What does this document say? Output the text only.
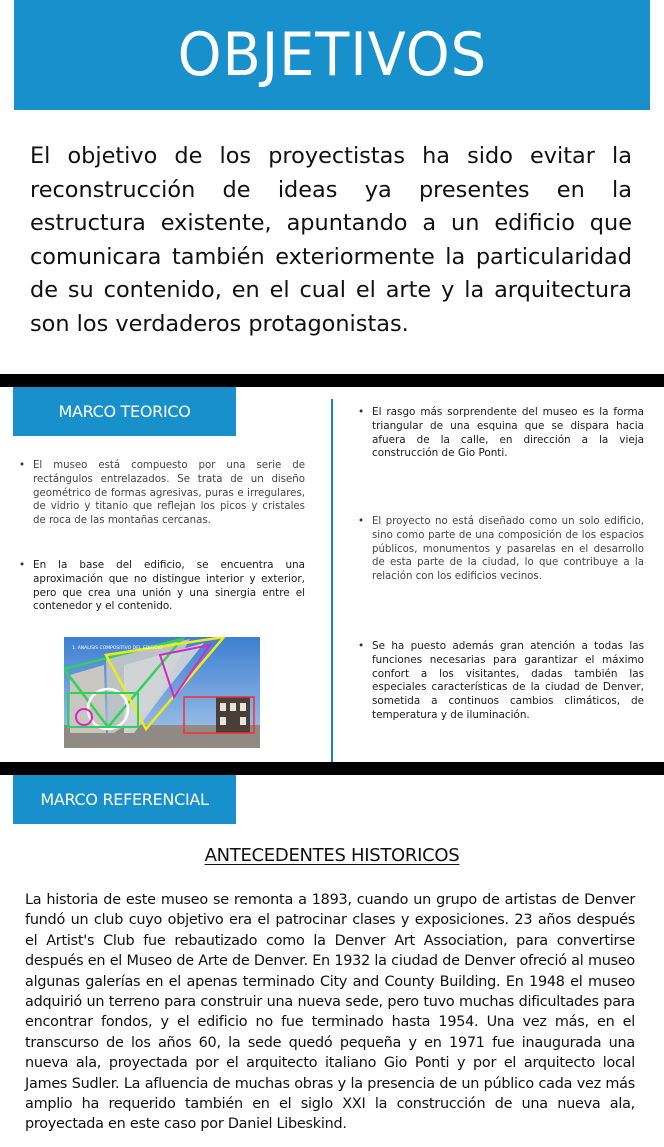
OBJETIVOS

El objetivo de los proyectistas ha sido evitar la reconstrucción de ideas ya presentes en la estructura existente, apuntando a un edificio que comunicara también exteriormente la particularidad de su contenido, en el cual el arte y la arquitectura son los verdaderos protagonistas.

MARCO TEORICO
• El museo está compuesto por una serie de rectángulos entrelazados. Se trata de un diseño geométrico de formas agresivas, puras e irregulares, de vidrio y titanio que reflejan los picos y cristales de roca de las montañas cercanas.
• En la base del edificio, se encuentra una aproximación que no distingue interior y exterior, pero que crea una unión y una sinergia entre el contenedor y el contenido.
1. ANALISIS COMPOSITIVO DEL EDIFICIO
• El rasgo más sorprendente del museo es la forma triangular de una esquina que se dispara hacia afuera de la calle, en dirección a la vieja construcción de Gio Ponti.
• El proyecto no está diseñado como un solo edificio, sino como parte de una composición de los espacios públicos, monumentos y pasarelas en el desarrollo de esta parte de la ciudad, lo que contribuye a la relación con los edificios vecinos.
• Se ha puesto además gran atención a todas las funciones necesarias para garantizar el máximo confort a los visitantes, dadas también las especiales características de la ciudad de Denver, sometida a continuos cambios climáticos, de temperatura y de iluminación.
MARCO REFERENCIAL
ANTECEDENTES HISTORICOS

La historia de este museo se remonta a 1893, cuando un grupo de artistas de Denver fundó un club cuyo objetivo era el patrocinar clases y exposiciones. 23 años después el Artist's Club fue rebautizado como la Denver Art Association, para convertirse después en el Museo de Arte de Denver. En 1932 la ciudad de Denver ofreció al museo algunas galerías en el apenas terminado City and County Building. En 1948 el museo adquirió un terreno para construir una nueva sede, pero tuvo muchas dificultades para encontrar fondos, y el edificio no fue terminado hasta 1954. Una vez más, en el transcurso de los años 60, la sede quedó pequeña y en 1971 fue inaugurada una nueva ala, proyectada por el arquitecto italiano Gio Ponti y por el arquitecto local James Sudler. La afluencia de muchas obras y la presencia de un público cada vez más amplio ha requerido también en el siglo XXI la construcción de una nueva ala, proyectada en este caso por Daniel Libeskind.
